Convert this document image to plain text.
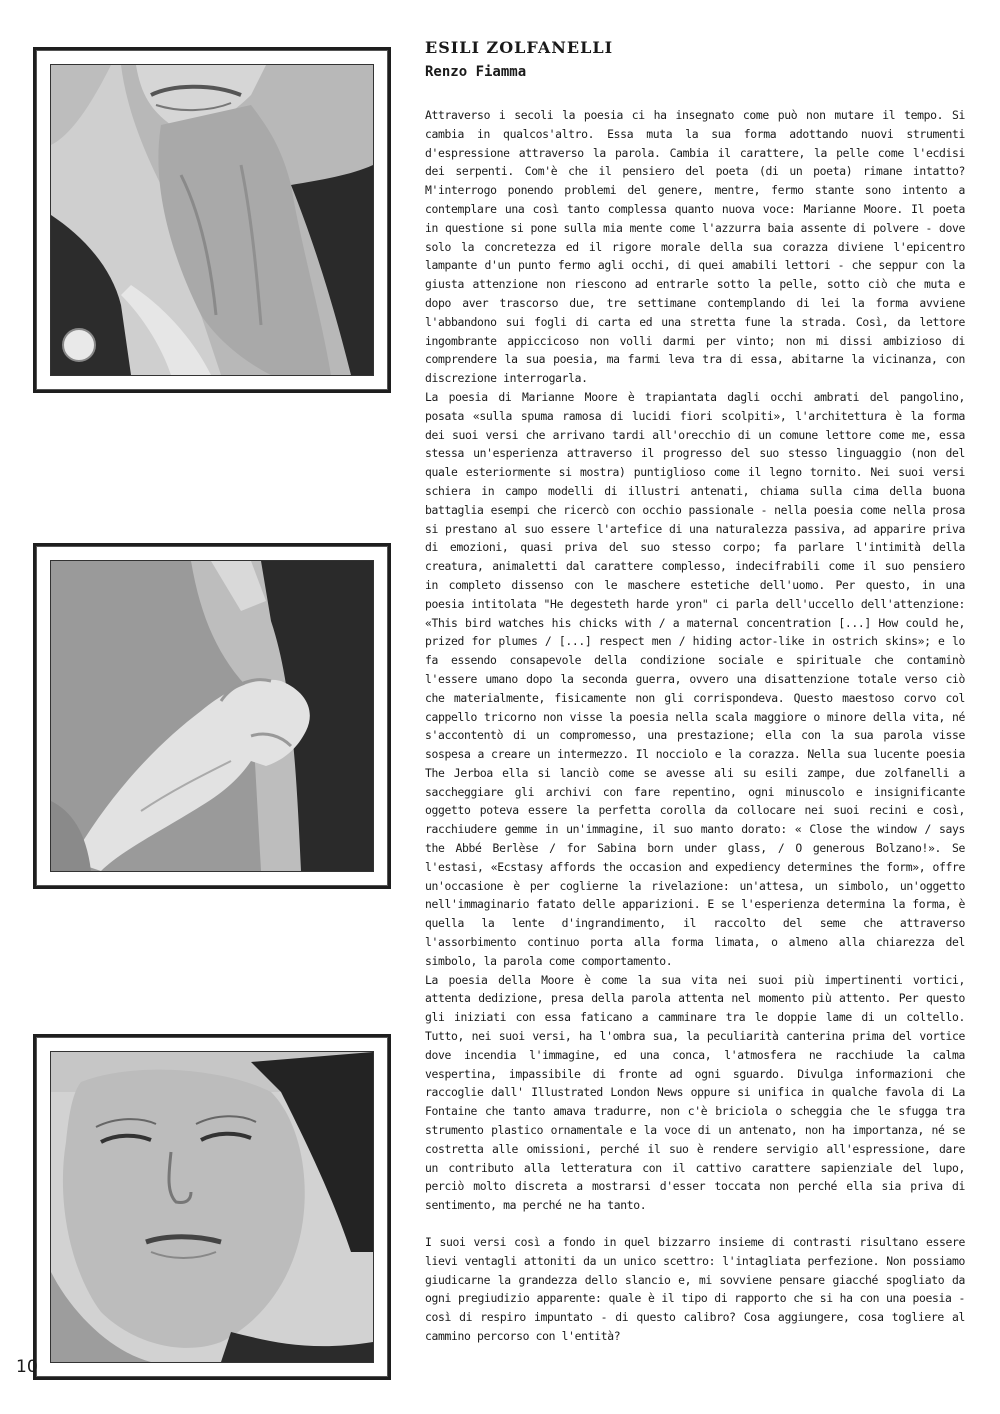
ESILI ZOLFANELLI
Renzo Fiamma

Attraverso i secoli la poesia ci ha insegnato come può non mutare il tempo. Si cambia in qualcos'altro. Essa muta la sua forma adottando nuovi strumenti d'espressione attraverso la parola. Cambia il carattere, la pelle come l'ecdisi dei serpenti. Com'è che il pensiero del poeta (di un poeta) rimane intatto? M'interrogo ponendo problemi del genere, mentre, fermo stante sono intento a contemplare una così tanto complessa quanto nuova voce: Marianne Moore. Il poeta in questione si pone sulla mia mente come l'azzurra baia assente di polvere - dove solo la concretezza ed il rigore morale della sua corazza diviene l'epicentro lampante d'un punto fermo agli occhi, di quei amabili lettori - che seppur con la giusta attenzione non riescono ad entrarle sotto la pelle, sotto ciò che muta e dopo aver trascorso due, tre settimane contemplando di lei la forma avviene l'abbandono sui fogli di carta ed una stretta fune la strada. Così, da lettore ingombrante appiccicoso non volli darmi per vinto; non mi dissi ambizioso di comprendere la sua poesia, ma farmi leva tra di essa, abitarne la vicinanza, con discrezione interrogarla.

La poesia di Marianne Moore è trapiantata dagli occhi ambrati del pangolino, posata «sulla spuma ramosa di lucidi fiori scolpiti», l'architettura è la forma dei suoi versi che arrivano tardi all'orecchio di un comune lettore come me, essa stessa un'esperienza attraverso il progresso del suo stesso linguaggio (non del quale esteriormente si mostra) puntiglioso come il legno tornito. Nei suoi versi schiera in campo modelli di illustri antenati, chiama sulla cima della buona battaglia esempi che ricercò con occhio passionale - nella poesia come nella prosa si prestano al suo essere l'artefice di una naturalezza passiva, ad apparire priva di emozioni, quasi priva del suo stesso corpo; fa parlare l'intimità della creatura, animaletti dal carattere complesso, indecifrabili come il suo pensiero in completo dissenso con le maschere estetiche dell'uomo. Per questo, in una poesia intitolata "He degesteth harde yron" ci parla dell'uccello dell'attenzione: «This bird watches his chicks with / a maternal concentration [...] How could he, prized for plumes / [...] respect men / hiding actor-like in ostrich skins»; e lo fa essendo consapevole della condizione sociale e spirituale che contaminò l'essere umano dopo la seconda guerra, ovvero una disattenzione totale verso ciò che materialmente, fisicamente non gli corrispondeva. Questo maestoso corvo col cappello tricorno non visse la poesia nella scala maggiore o minore della vita, né s'accontentò di un compromesso, una prestazione; ella con la sua parola visse sospesa a creare un intermezzo. Il nocciolo e la corazza. Nella sua lucente poesia The Jerboa ella si lanciò come se avesse ali su esili zampe, due zolfanelli a saccheggiare gli archivi con fare repentino, ogni minuscolo e insignificante oggetto poteva essere la perfetta corolla da collocare nei suoi recini e così, racchiudere gemme in un'immagine, il suo manto dorato: « Close the window / says the Abbé Berlèse / for Sabina born under glass, / O generous Bolzano!». Se l'estasi, «Ecstasy affords the occasion and expediency determines the form», offre un'occasione è per coglierne la rivelazione: un'attesa, un simbolo, un'oggetto nell'immaginario fatato delle apparizioni. E se l'esperienza determina la forma, è quella la lente d'ingrandimento, il raccolto del seme che attraverso l'assorbimento continuo porta alla forma limata, o almeno alla chiarezza del simbolo, la parola come comportamento.

La poesia della Moore è come la sua vita nei suoi più impertinenti vortici, attenta dedizione, presa della parola attenta nel momento più attento. Per questo gli iniziati con essa faticano a camminare tra le doppie lame di un coltello. Tutto, nei suoi versi, ha l'ombra sua, la peculiarità canterina prima del vortice dove incendia l'immagine, ed una conca, l'atmosfera ne racchiude la calma vespertina, impassibile di fronte ad ogni sguardo. Divulga informazioni che raccoglie dall' Illustrated London News oppure si unifica in qualche favola di La Fontaine che tanto amava tradurre, non c'è briciola o scheggia che le sfugga tra strumento plastico ornamentale e la voce di un antenato, non ha importanza, né se costretta alle omissioni, perché il suo è rendere servigio all'espressione, dare un contributo alla letteratura con il cattivo carattere sapienziale del lupo, perciò molto discreta a mostrarsi d'esser toccata non perché ella sia priva di sentimento, ma perché ne ha tanto.

I suoi versi così a fondo in quel bizzarro insieme di contrasti risultano essere lievi ventagli attoniti da un unico scettro: l'intagliata perfezione. Non possiamo giudicarne la grandezza dello slancio e, mi sovviene pensare giacché spogliato da ogni pregiudizio apparente: quale è il tipo di rapporto che si ha con una poesia - così di respiro impuntato - di questo calibro? Cosa aggiungere, cosa togliere al cammino percorso con l'entità?

10
